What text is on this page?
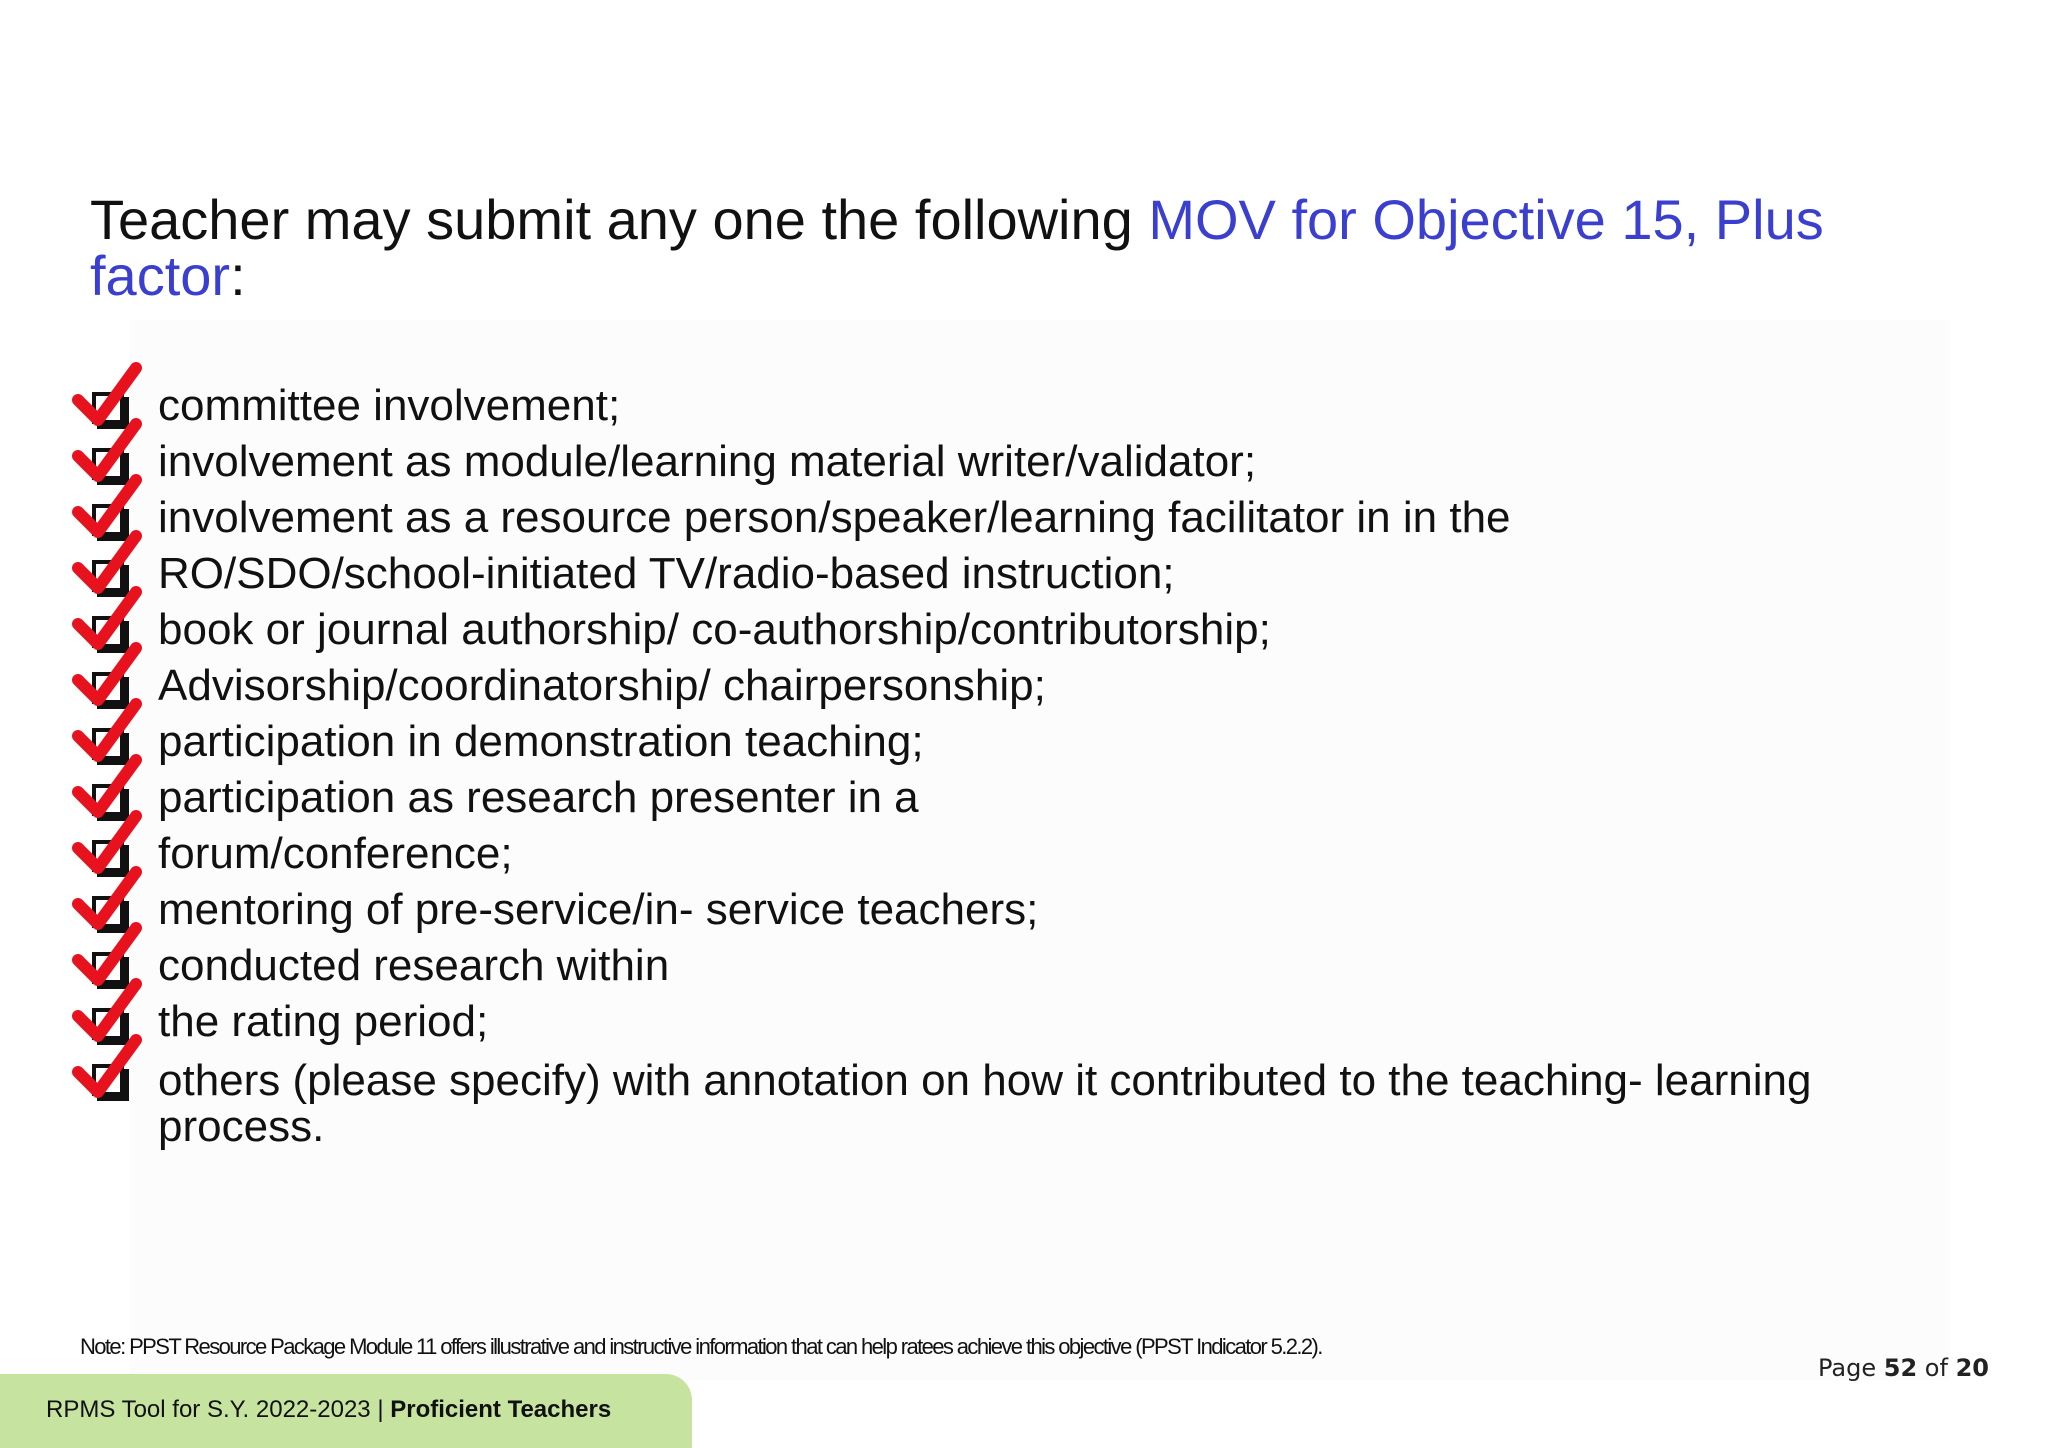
Teacher may submit any one the following MOV for Objective 15, Plus factor:
committee involvement;
involvement as module/learning material writer/validator;
involvement as a resource person/speaker/learning facilitator in in the
RO/SDO/school-initiated TV/radio-based instruction;
book or journal authorship/ co-authorship/contributorship;
Advisorship/coordinatorship/ chairpersonship;
participation in demonstration teaching;
participation as research presenter in a
forum/conference;
mentoring of pre-service/in- service teachers;
conducted research within
the rating period;
others (please specify) with annotation on how it contributed to the teaching- learning process.
Note: PPST Resource Package Module 11 offers illustrative and instructive information that can help ratees achieve this objective (PPST Indicator 5.2.2).
Page 52 of 20
RPMS Tool for S.Y. 2022-2023 | Proficient Teachers
